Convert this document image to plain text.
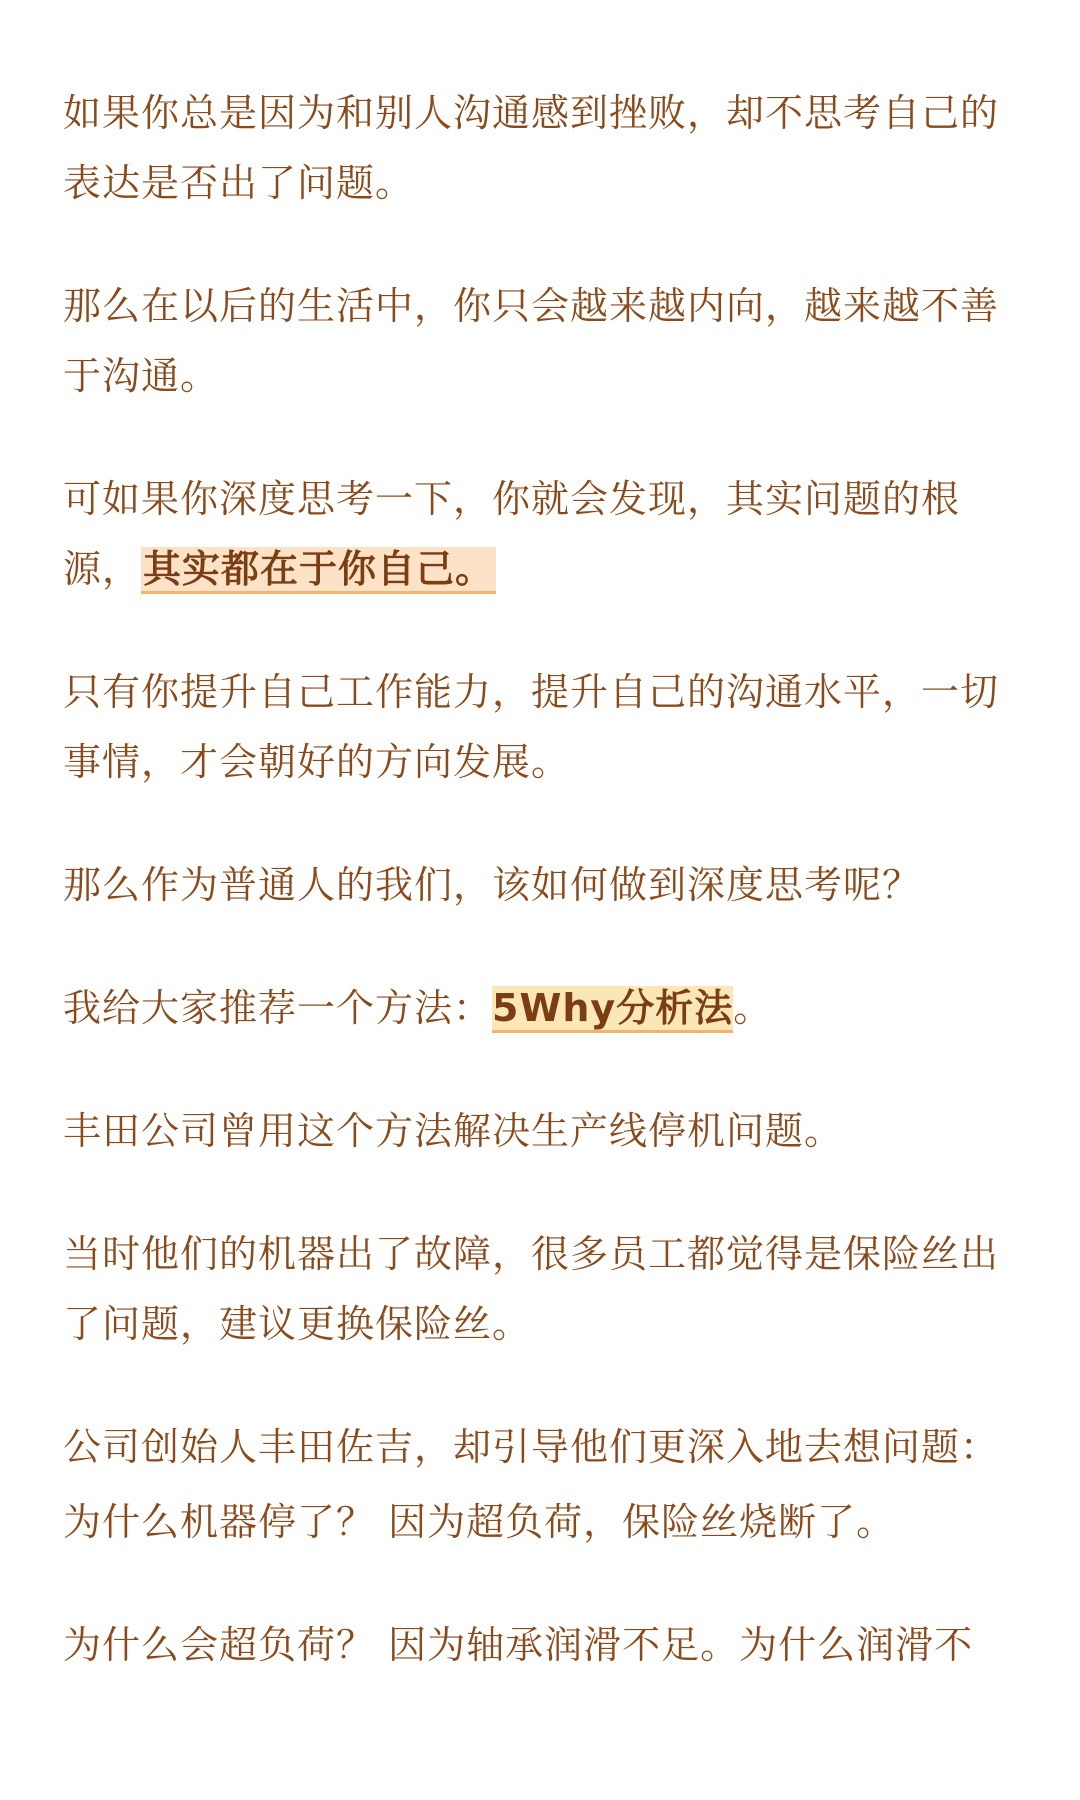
如果你总是因为和别人沟通感到挫败，却不思考自己的表达是否出了问题。

那么在以后的生活中，你只会越来越内向，越来越不善于沟通。

可如果你深度思考一下，你就会发现，其实问题的根源，其实都在于你自己。

只有你提升自己工作能力，提升自己的沟通水平，一切事情，才会朝好的方向发展。

那么作为普通人的我们，该如何做到深度思考呢？

我给大家推荐一个方法：5Why分析法。

丰田公司曾用这个方法解决生产线停机问题。

当时他们的机器出了故障，很多员工都觉得是保险丝出了问题，建议更换保险丝。

公司创始人丰田佐吉，却引导他们更深入地去想问题：

为什么机器停了？ 因为超负荷，保险丝烧断了。

为什么会超负荷？ 因为轴承润滑不足。为什么润滑不
